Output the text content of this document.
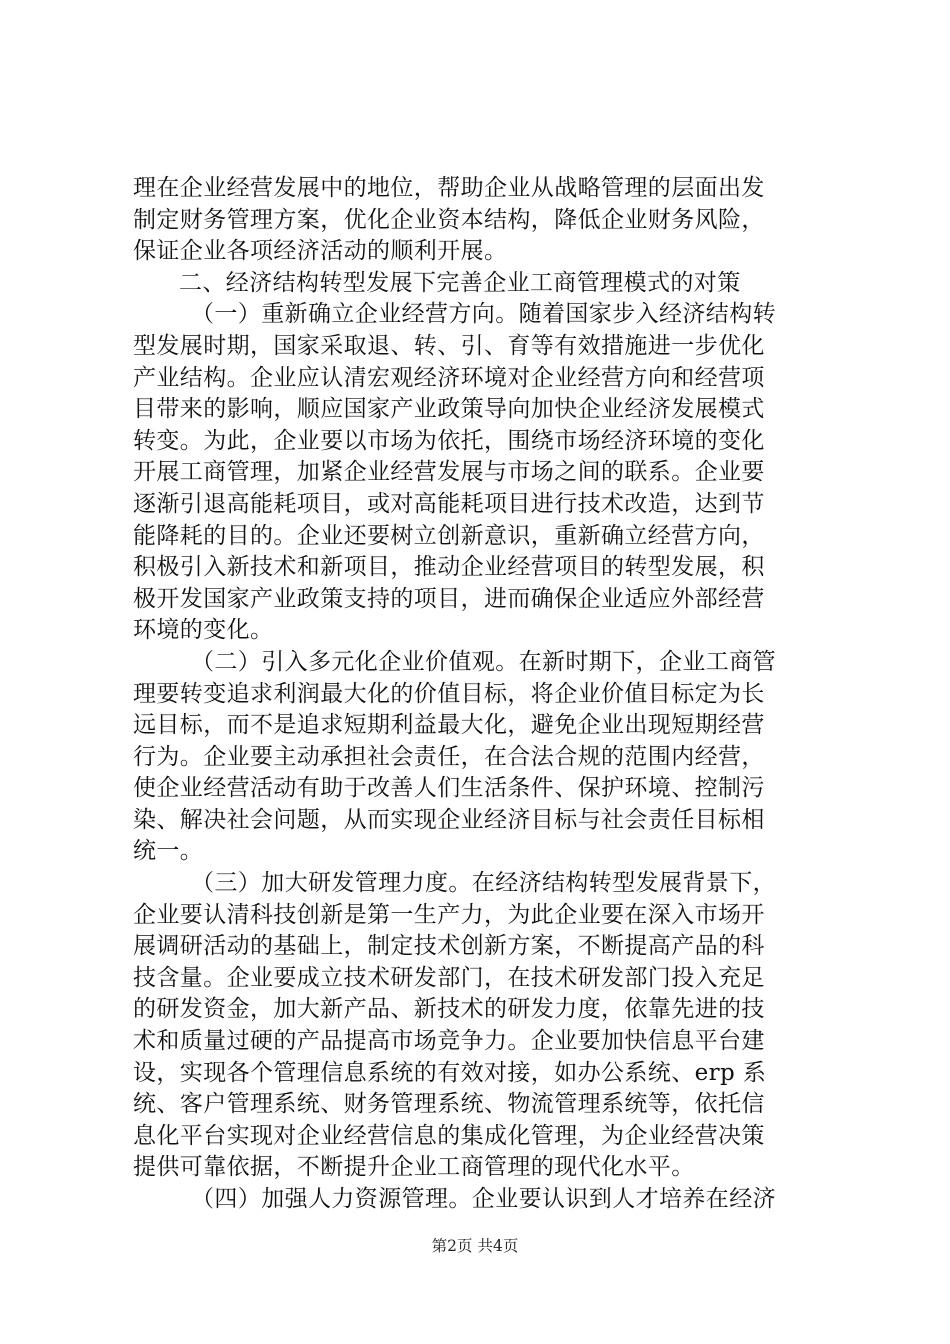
理在企业经营发展中的地位，帮助企业从战略管理的层面出发
制定财务管理方案，优化企业资本结构，降低企业财务风险，
保证企业各项经济活动的顺利开展。
二、经济结构转型发展下完善企业工商管理模式的对策
（一）重新确立企业经营方向。随着国家步入经济结构转
型发展时期，国家采取退、转、引、育等有效措施进一步优化
产业结构。企业应认清宏观经济环境对企业经营方向和经营项
目带来的影响，顺应国家产业政策导向加快企业经济发展模式
转变。为此，企业要以市场为依托，围绕市场经济环境的变化
开展工商管理，加紧企业经营发展与市场之间的联系。企业要
逐渐引退高能耗项目，或对高能耗项目进行技术改造，达到节
能降耗的目的。企业还要树立创新意识，重新确立经营方向，
积极引入新技术和新项目，推动企业经营项目的转型发展，积
极开发国家产业政策支持的项目，进而确保企业适应外部经营
环境的变化。
（二）引入多元化企业价值观。在新时期下，企业工商管
理要转变追求利润最大化的价值目标，将企业价值目标定为长
远目标，而不是追求短期利益最大化，避免企业出现短期经营
行为。企业要主动承担社会责任，在合法合规的范围内经营，
使企业经营活动有助于改善人们生活条件、保护环境、控制污
染、解决社会问题，从而实现企业经济目标与社会责任目标相
统一。
（三）加大研发管理力度。在经济结构转型发展背景下，
企业要认清科技创新是第一生产力，为此企业要在深入市场开
展调研活动的基础上，制定技术创新方案，不断提高产品的科
技含量。企业要成立技术研发部门，在技术研发部门投入充足
的研发资金，加大新产品、新技术的研发力度，依靠先进的技
术和质量过硬的产品提高市场竞争力。企业要加快信息平台建
设，实现各个管理信息系统的有效对接，如办公系统、erp 系
统、客户管理系统、财务管理系统、物流管理系统等，依托信
息化平台实现对企业经营信息的集成化管理，为企业经营决策
提供可靠依据，不断提升企业工商管理的现代化水平。
（四）加强人力资源管理。企业要认识到人才培养在经济
第2页 共4页
